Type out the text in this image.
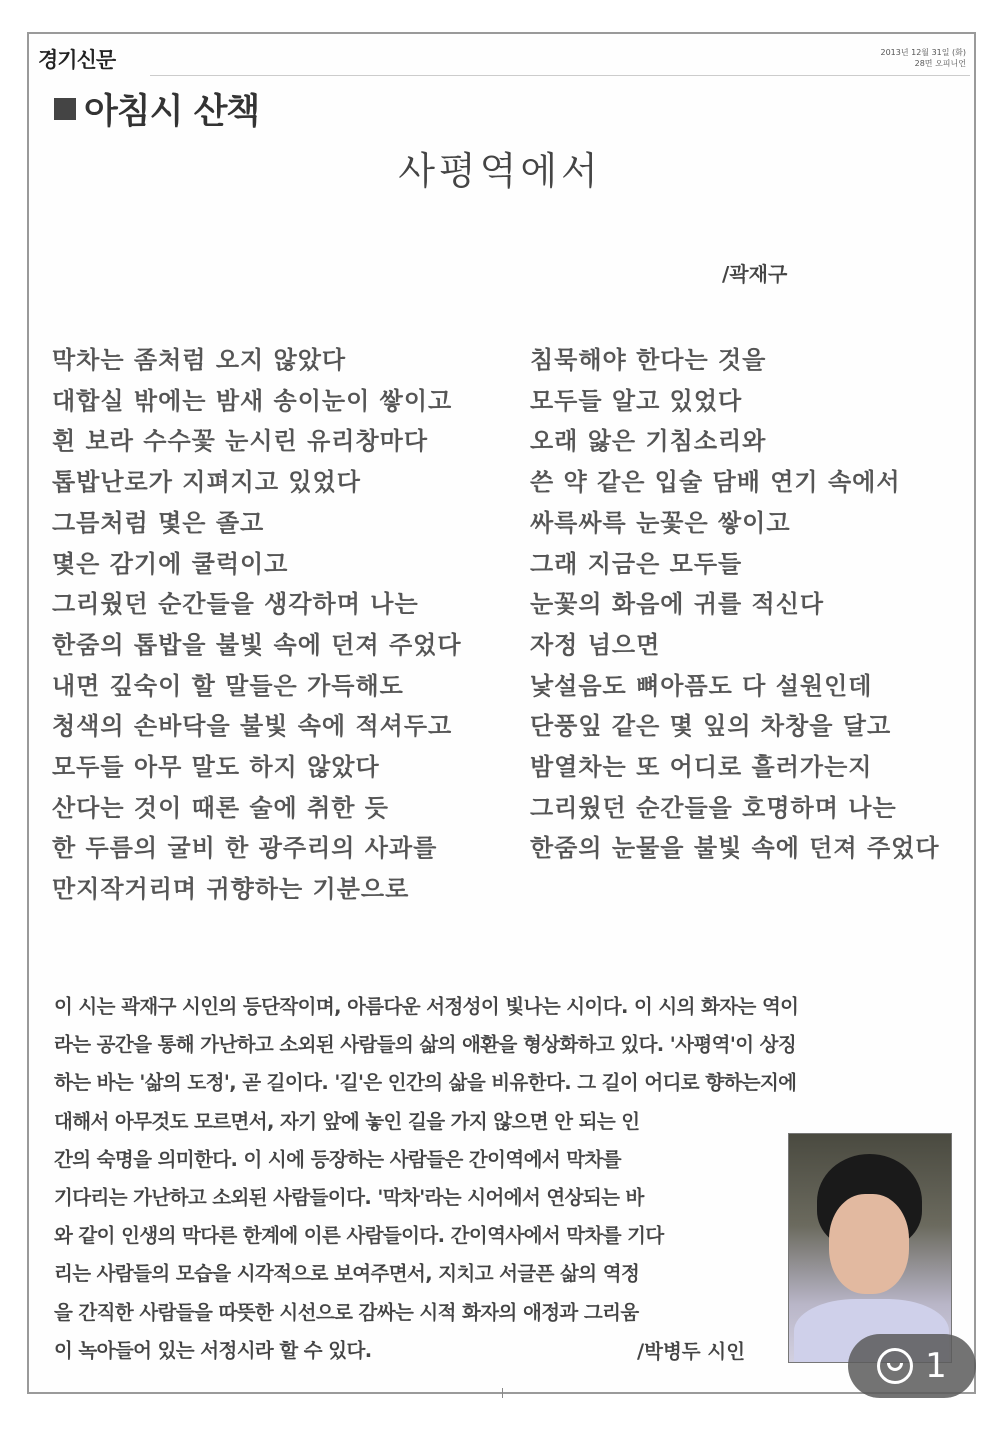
경기신문	2013년 12월 31일 (화)
28면 오피니언
아침시 산책
사평역에서
/곽재구
막차는 좀처럼 오지 않았다
대합실 밖에는 밤새 송이눈이 쌓이고
흰 보라 수수꽃 눈시린 유리창마다
톱밥난로가 지펴지고 있었다
그믐처럼 몇은 졸고
몇은 감기에 쿨럭이고
그리웠던 순간들을 생각하며 나는
한줌의 톱밥을 불빛 속에 던져 주었다
내면 깊숙이 할 말들은 가득해도
청색의 손바닥을 불빛 속에 적셔두고
모두들 아무 말도 하지 않았다
산다는 것이 때론 술에 취한 듯
한 두름의 굴비 한 광주리의 사과를
만지작거리며 귀향하는 기분으로
침묵해야 한다는 것을
모두들 알고 있었다
오래 앓은 기침소리와
쓴 약 같은 입술 담배 연기 속에서
싸륵싸륵 눈꽃은 쌓이고
그래 지금은 모두들
눈꽃의 화음에 귀를 적신다
자정 넘으면
낯설음도 뼈아픔도 다 설원인데
단풍잎 같은 몇 잎의 차창을 달고
밤열차는 또 어디로 흘러가는지
그리웠던 순간들을 호명하며 나는
한줌의 눈물을 불빛 속에 던져 주었다
이 시는 곽재구 시인의 등단작이며, 아름다운 서정성이 빛나는 시이다. 이 시의 화자는 역이
라는 공간을 통해 가난하고 소외된 사람들의 삶의 애환을 형상화하고 있다. '사평역'이 상징
하는 바는 '삶의 도정', 곧 길이다. '길'은 인간의 삶을 비유한다. 그 길이 어디로 향하는지에
대해서 아무것도 모르면서, 자기 앞에 놓인 길을 가지 않으면 안 되는 인
간의 숙명을 의미한다. 이 시에 등장하는 사람들은 간이역에서 막차를
기다리는 가난하고 소외된 사람들이다. '막차'라는 시어에서 연상되는 바
와 같이 인생의 막다른 한계에 이른 사람들이다. 간이역사에서 막차를 기다
리는 사람들의 모습을 시각적으로 보여주면서, 지치고 서글픈 삶의 역정
을 간직한 사람들을 따뜻한 시선으로 감싸는 시적 화자의 애정과 그리움
이 녹아들어 있는 서정시라 할 수 있다.	/박병두 시인	1
